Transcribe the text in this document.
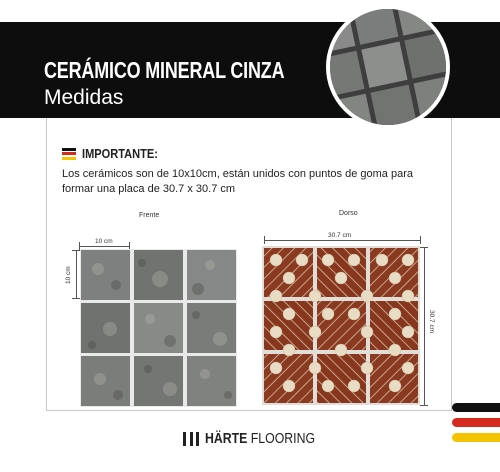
CERÁMICO MINERAL CINZA
Medidas
IMPORTANTE:
Los cerámicos son de 10x10cm, están unidos con puntos de goma para formar una placa de 30.7 x 30.7 cm
Frente
10 cm
10 cm
Dorso
30.7 cm
30.7 cm
HÄRTE FLOORING
